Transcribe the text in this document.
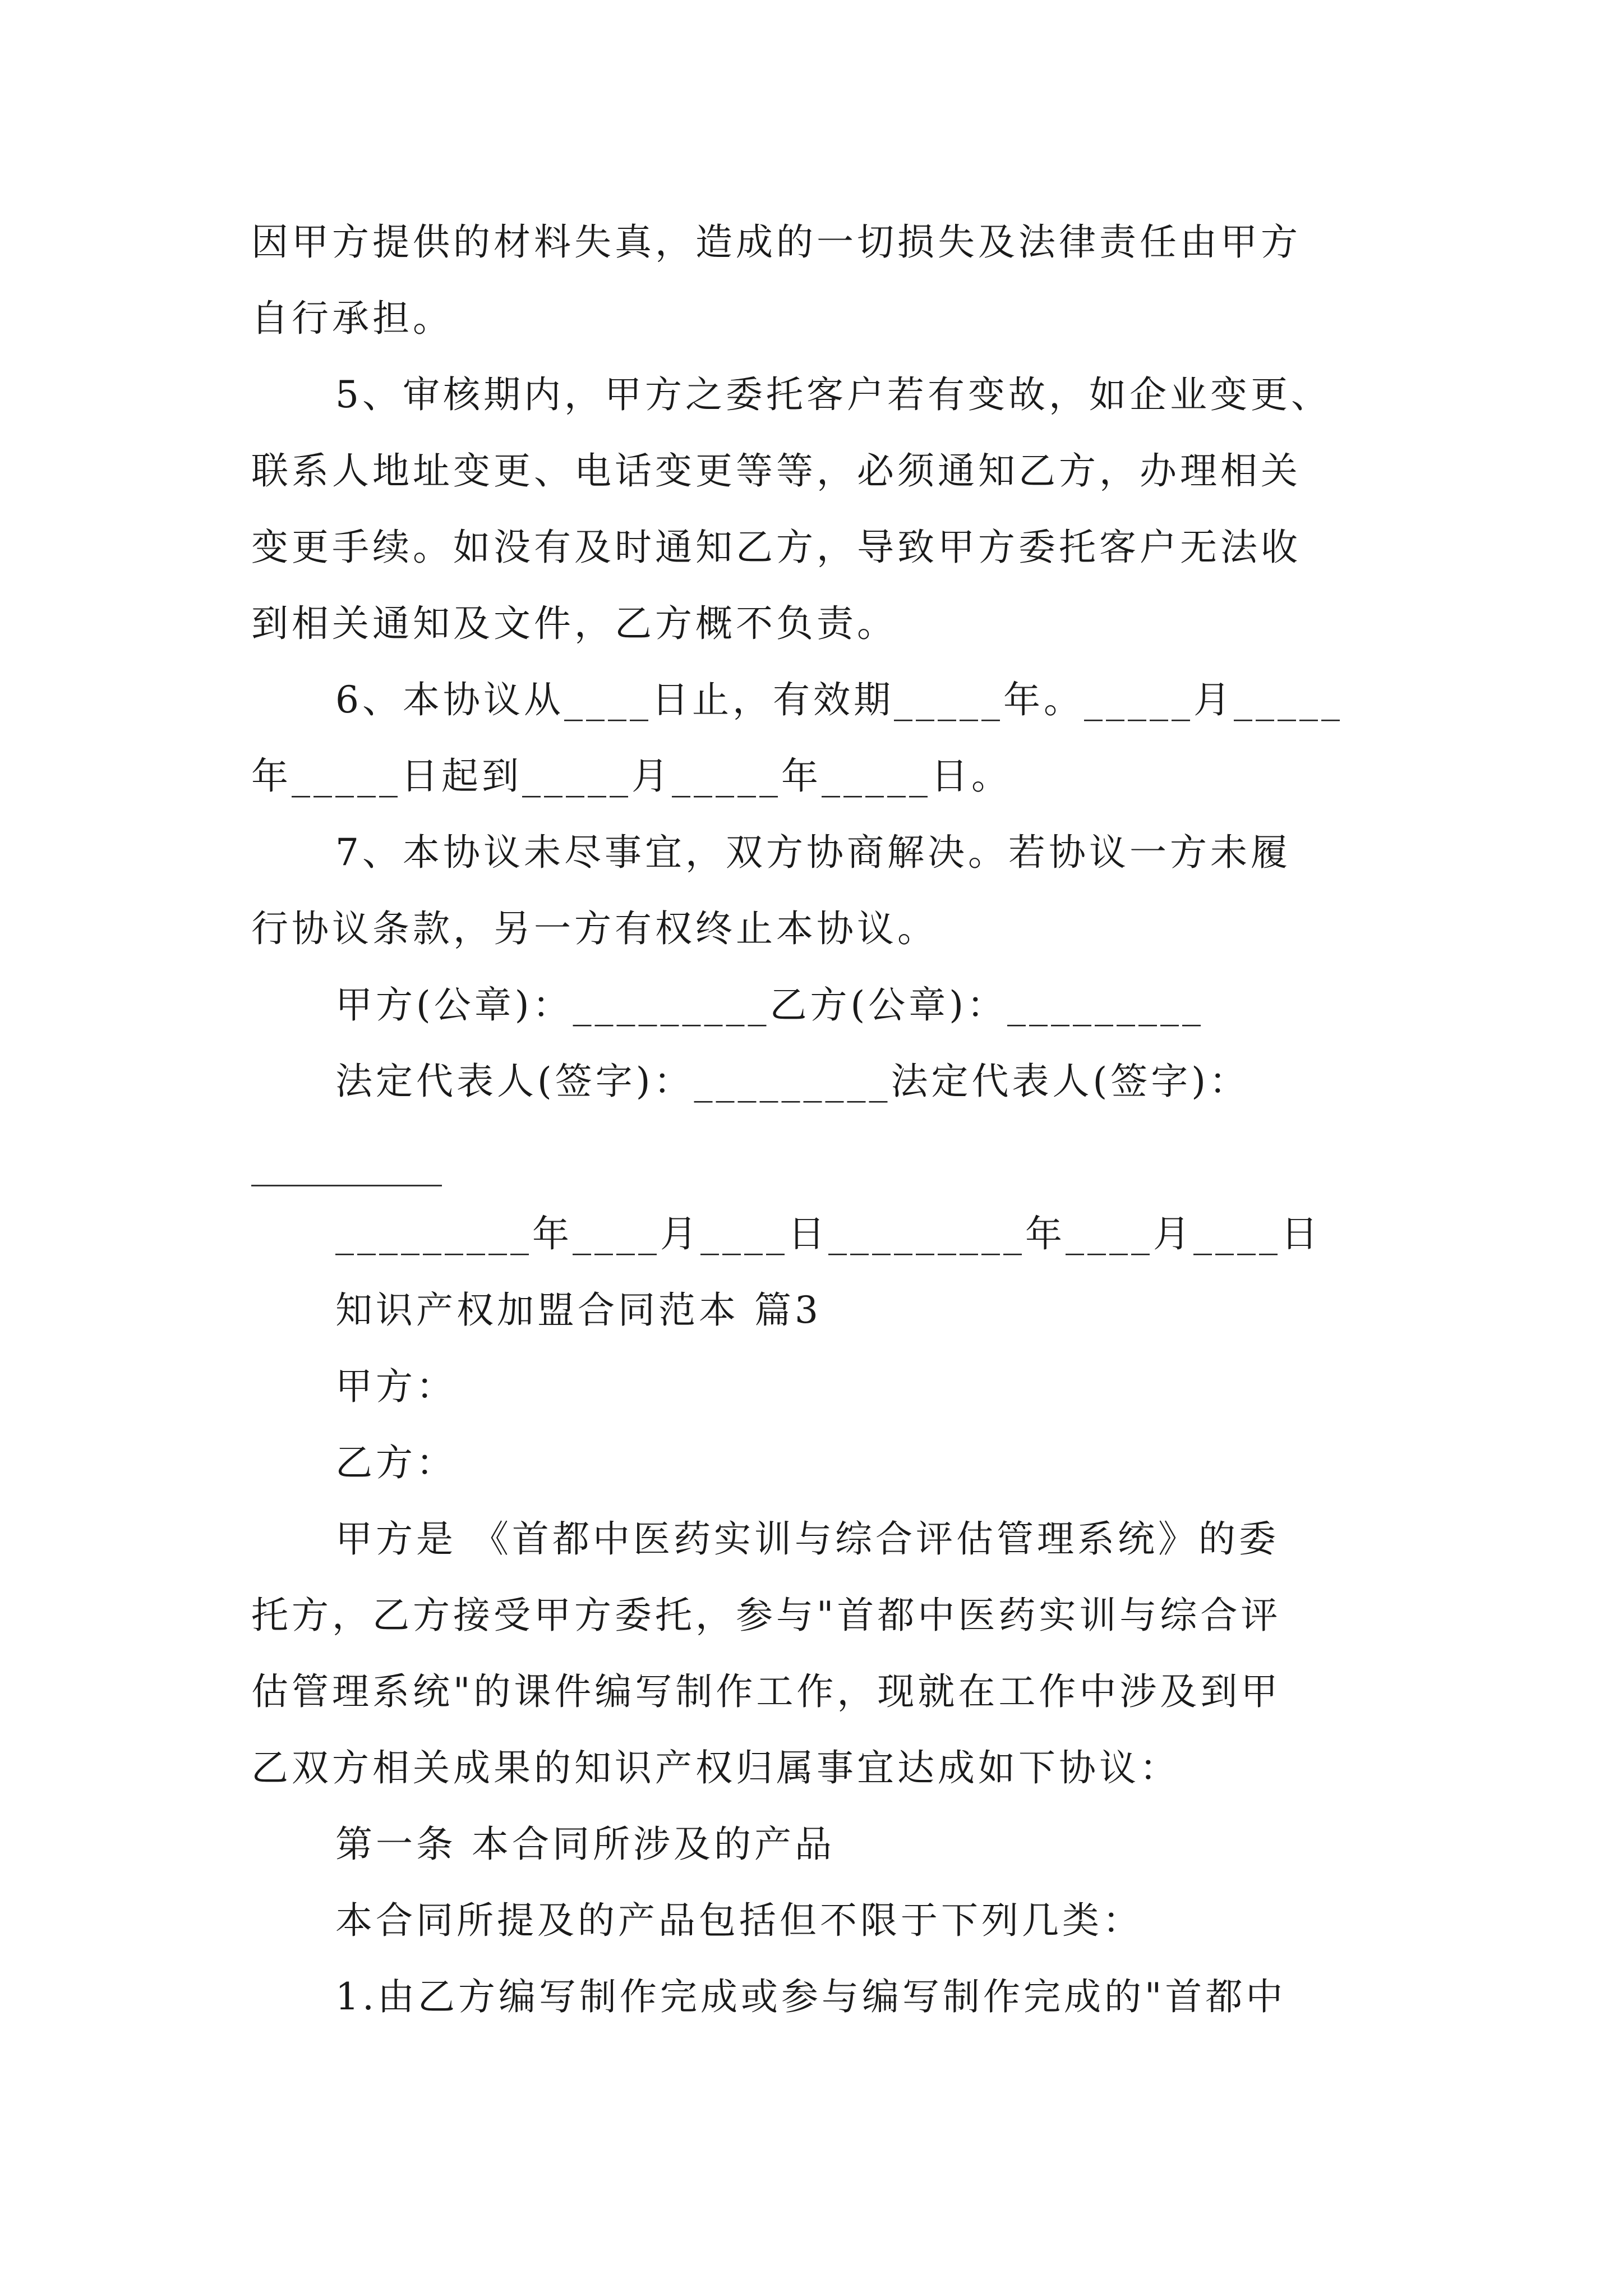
因甲方提供的材料失真，造成的一切损失及法律责任由甲方
自行承担。
5、审核期内，甲方之委托客户若有变故，如企业变更、
联系人地址变更、电话变更等等，必须通知乙方，办理相关
变更手续。如没有及时通知乙方，导致甲方委托客户无法收
到相关通知及文件，乙方概不负责。
6、本协议从____日止，有效期_____年。_____月_____
年_____日起到_____月_____年_____日。
7、本协议未尽事宜，双方协商解决。若协议一方未履
行协议条款，另一方有权终止本协议。
甲方(公章)：_________乙方(公章)：_________
法定代表人(签字)：_________法定代表人(签字)：
_________年____月____日_________年____月____日
知识产权加盟合同范本 篇3
甲方：
乙方：
甲方是 《首都中医药实训与综合评估管理系统》的委
托方，乙方接受甲方委托，参与"首都中医药实训与综合评
估管理系统"的课件编写制作工作，现就在工作中涉及到甲
乙双方相关成果的知识产权归属事宜达成如下协议：
第一条 本合同所涉及的产品
本合同所提及的产品包括但不限于下列几类：
1.由乙方编写制作完成或参与编写制作完成的"首都中
